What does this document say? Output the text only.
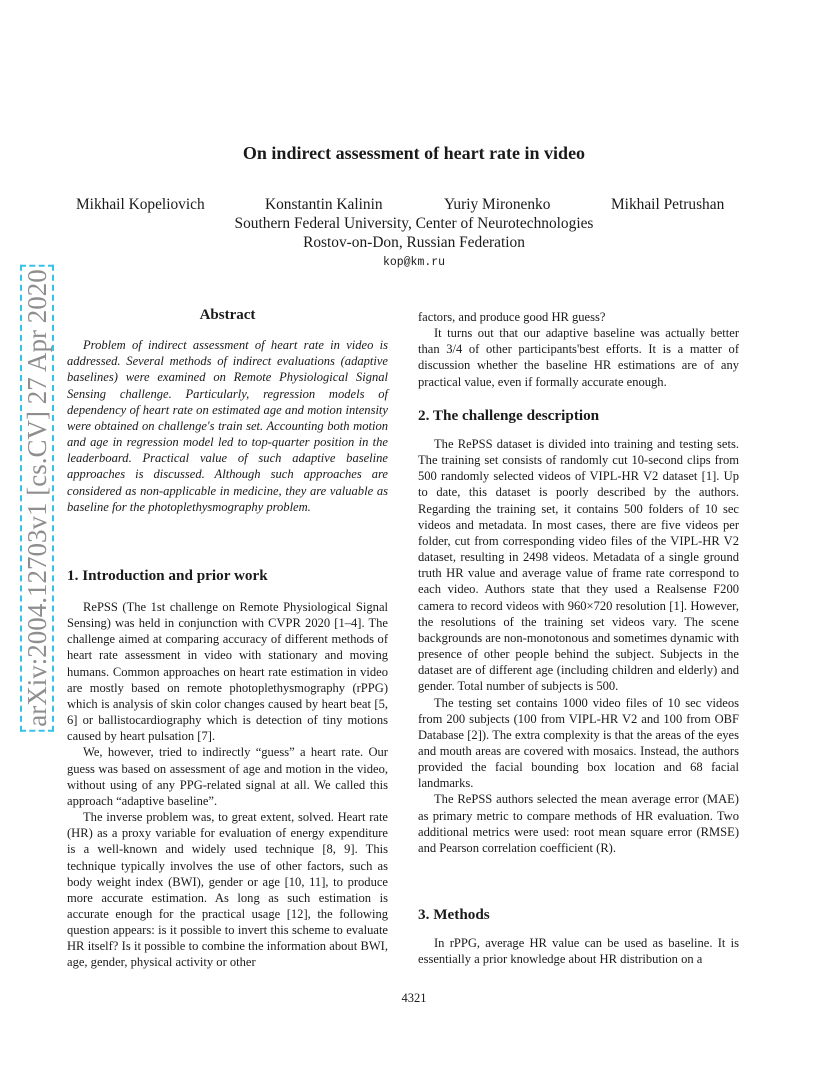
On indirect assessment of heart rate in video
Mikhail Kopeliovich	Konstantin Kalinin	Yuriy Mironenko	Mikhail Petrushan
Southern Federal University, Center of Neurotechnologies
Rostov-on-Don, Russian Federation
kop@km.ru
arXiv:2004.12703v1 [cs.CV] 27 Apr 2020	Abstract

Problem of indirect assessment of heart rate in video is addressed. Several methods of indirect evaluations (adaptive baselines) were examined on Remote Physiological Signal Sensing challenge. Particularly, regression models of dependency of heart rate on estimated age and motion intensity were obtained on challenge's train set. Accounting both motion and age in regression model led to top-quarter position in the leaderboard. Practical value of such adaptive baseline approaches is discussed. Although such approaches are considered as non-applicable in medicine, they are valuable as baseline for the photoplethysmography problem.

1. Introduction and prior work

RePSS (The 1st challenge on Remote Physiological Signal Sensing) was held in conjunction with CVPR 2020 [1–4]. The challenge aimed at comparing accuracy of different methods of heart rate assessment in video with stationary and moving humans. Common approaches on heart rate estimation in video are mostly based on remote photoplethysmography (rPPG) which is analysis of skin color changes caused by heart beat [5, 6] or ballistocardiography which is detection of tiny motions caused by heart pulsation [7].

We, however, tried to indirectly “guess” a heart rate. Our guess was based on assessment of age and motion in the video, without using of any PPG-related signal at all. We called this approach “adaptive baseline”.

The inverse problem was, to great extent, solved. Heart rate (HR) as a proxy variable for evaluation of energy expenditure is a well-known and widely used technique [8, 9]. This technique typically involves the use of other factors, such as body weight index (BWI), gender or age [10, 11], to produce more accurate estimation. As long as such estimation is accurate enough for the practical usage [12], the following question appears: is it possible to invert this scheme to evaluate HR itself? Is it possible to combine the information about BWI, age, gender, physical activity or other

factors, and produce good HR guess?

It turns out that our adaptive baseline was actually better than 3/4 of other participants'best efforts. It is a matter of discussion whether the baseline HR estimations are of any practical value, even if formally accurate enough.

2. The challenge description

The RePSS dataset is divided into training and testing sets. The training set consists of randomly cut 10-second clips from 500 randomly selected videos of VIPL-HR V2 dataset [1]. Up to date, this dataset is poorly described by the authors. Regarding the training set, it contains 500 folders of 10 sec videos and metadata. In most cases, there are five videos per folder, cut from corresponding video files of the VIPL-HR V2 dataset, resulting in 2498 videos. Metadata of a single ground truth HR value and average value of frame rate correspond to each video. Authors state that they used a Realsense F200 camera to record videos with 960×720 resolution [1]. However, the resolutions of the training set videos vary. The scene backgrounds are non-monotonous and sometimes dynamic with presence of other people behind the subject. Subjects in the dataset are of different age (including children and elderly) and gender. Total number of subjects is 500.

The testing set contains 1000 video files of 10 sec videos from 200 subjects (100 from VIPL-HR V2 and 100 from OBF Database [2]). The extra complexity is that the areas of the eyes and mouth areas are covered with mosaics. Instead, the authors provided the facial bounding box location and 68 facial landmarks.

The RePSS authors selected the mean average error (MAE) as primary metric to compare methods of HR evaluation. Two additional metrics were used: root mean square error (RMSE) and Pearson correlation coefficient (R).

3. Methods

In rPPG, average HR value can be used as baseline. It is essentially a prior knowledge about HR distribution on a

4321
